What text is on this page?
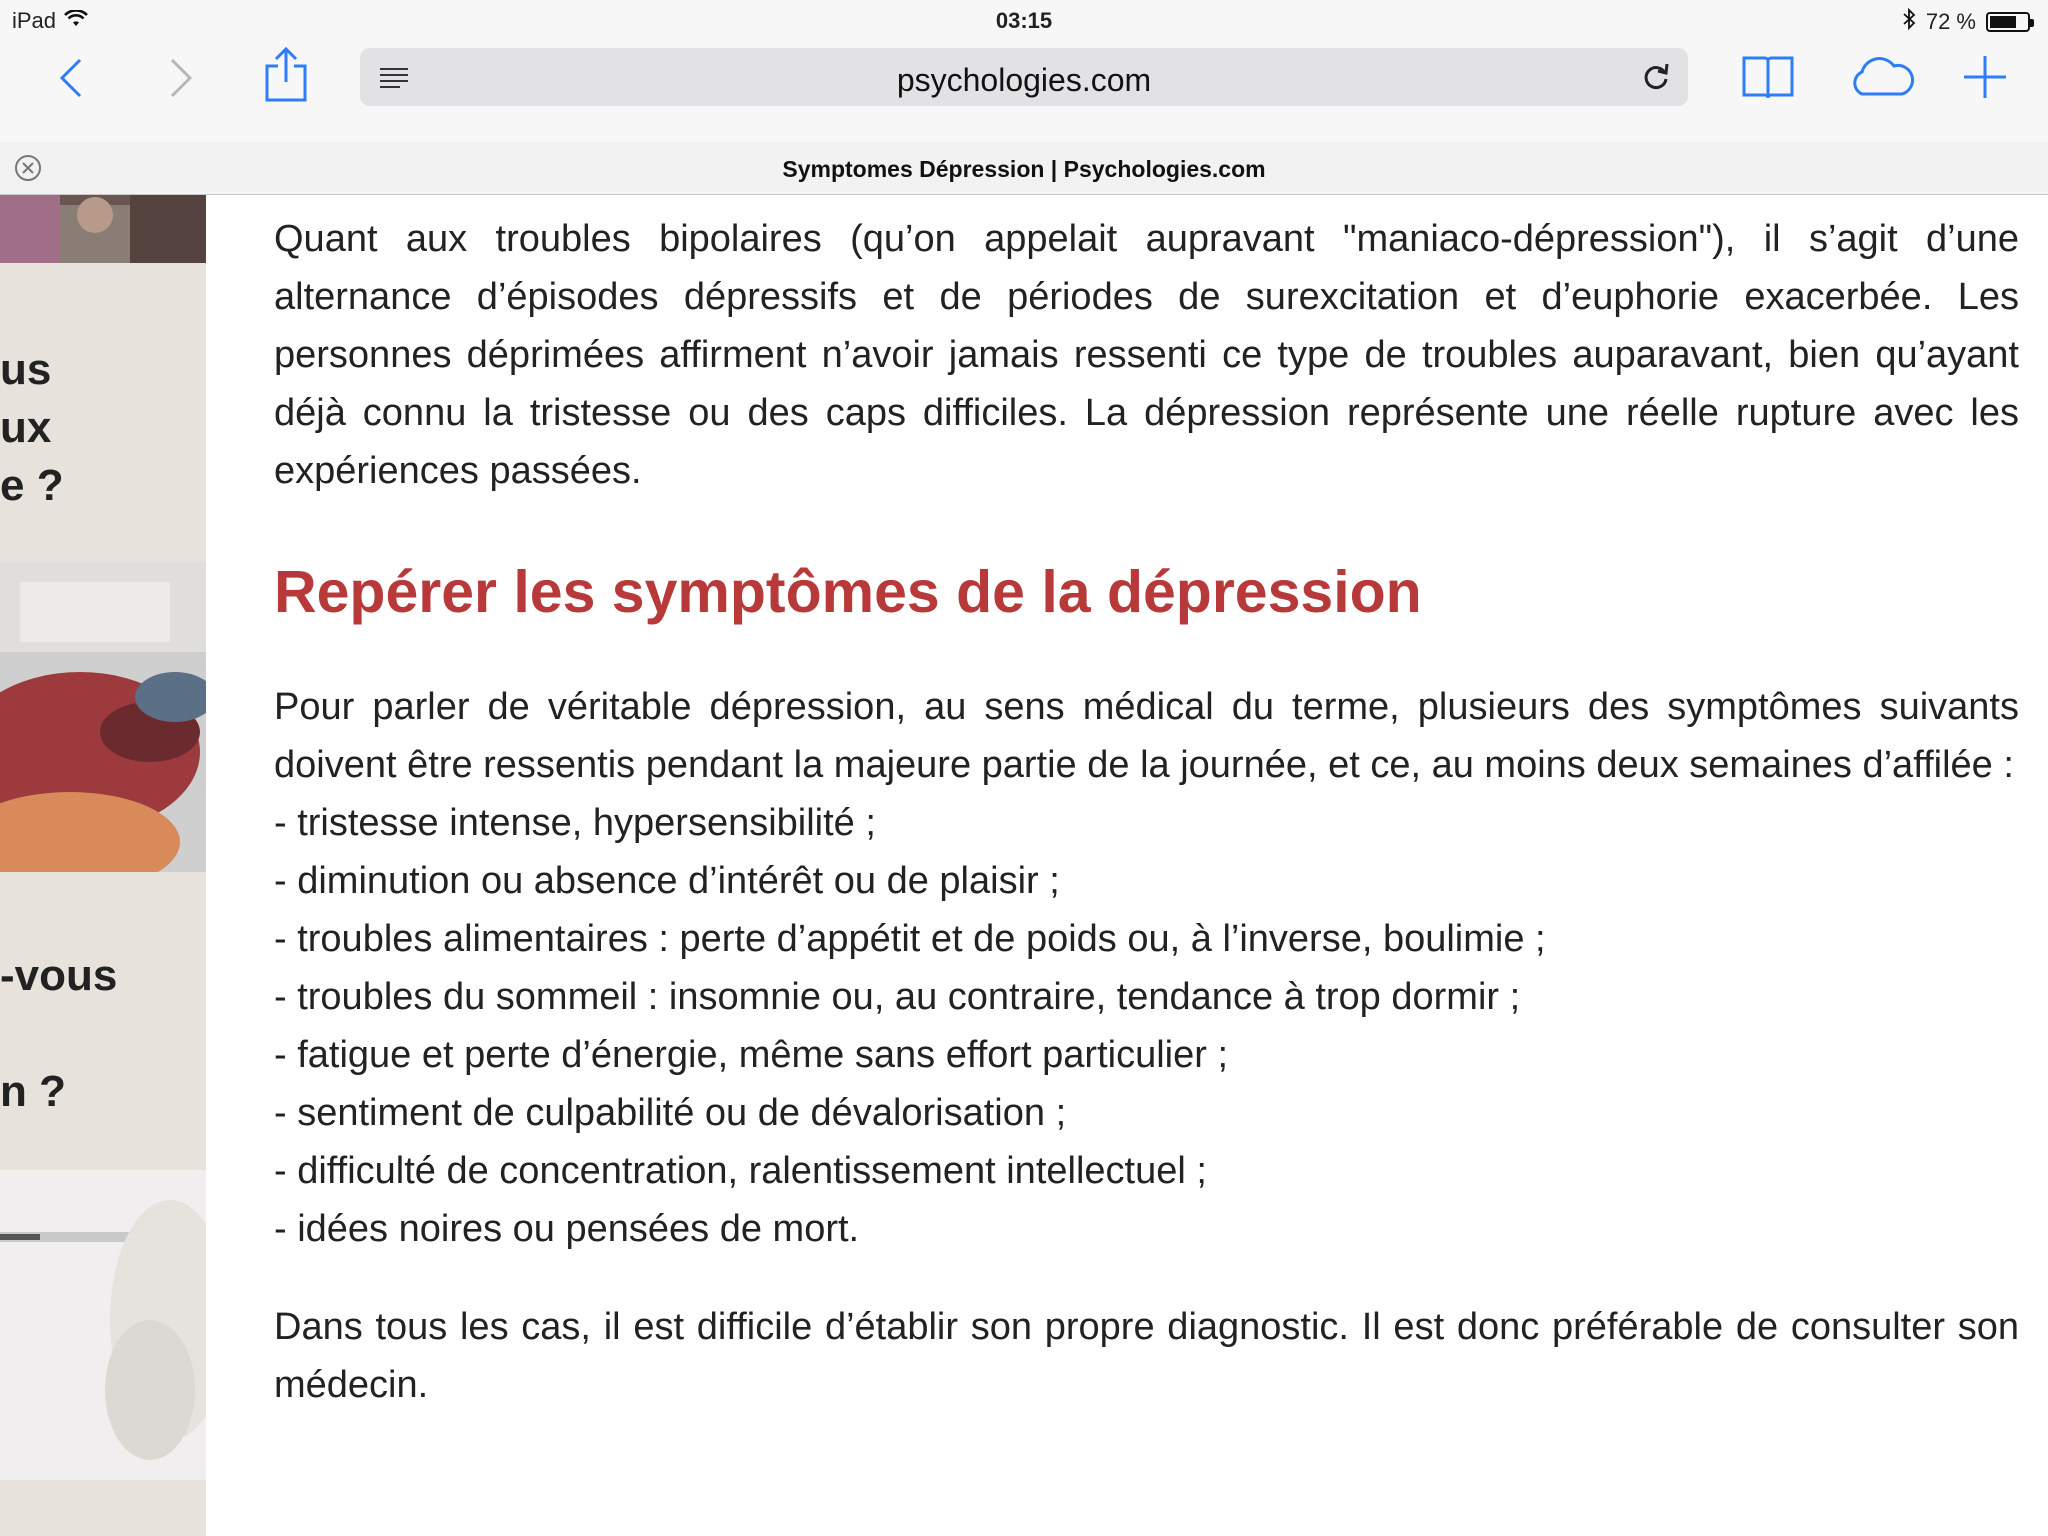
iPad	03:15	72 %
psychologies.com
Symptomes Dépression | Psychologies.com
us
ux
e ?
-vous
n ?

Quant aux troubles bipolaires (qu’on appelait aupravant "maniaco-dépression"), il s’agit d’une alternance d’épisodes dépressifs et de périodes de surexcitation et d’euphorie exacerbée. Les personnes déprimées affirment n’avoir jamais ressenti ce type de troubles auparavant, bien qu’ayant déjà connu la tristesse ou des caps difficiles. La dépression représente une réelle rupture avec les expériences passées.

Repérer les symptômes de la dépression

Pour parler de véritable dépression, au sens médical du terme, plusieurs des symptômes suivants doivent être ressentis pendant la majeure partie de la journée, et ce, au moins deux semaines d’affilée :

- tristesse intense, hypersensibilité ;
- diminution ou absence d’intérêt ou de plaisir ;
- troubles alimentaires : perte d’appétit et de poids ou, à l’inverse, boulimie ;
- troubles du sommeil : insomnie ou, au contraire, tendance à trop dormir ;
- fatigue et perte d’énergie, même sans effort particulier ;
- sentiment de culpabilité ou de dévalorisation ;
- difficulté de concentration, ralentissement intellectuel ;
- idées noires ou pensées de mort.

Dans tous les cas, il est difficile d’établir son propre diagnostic. Il est donc préférable de consulter son médecin.
